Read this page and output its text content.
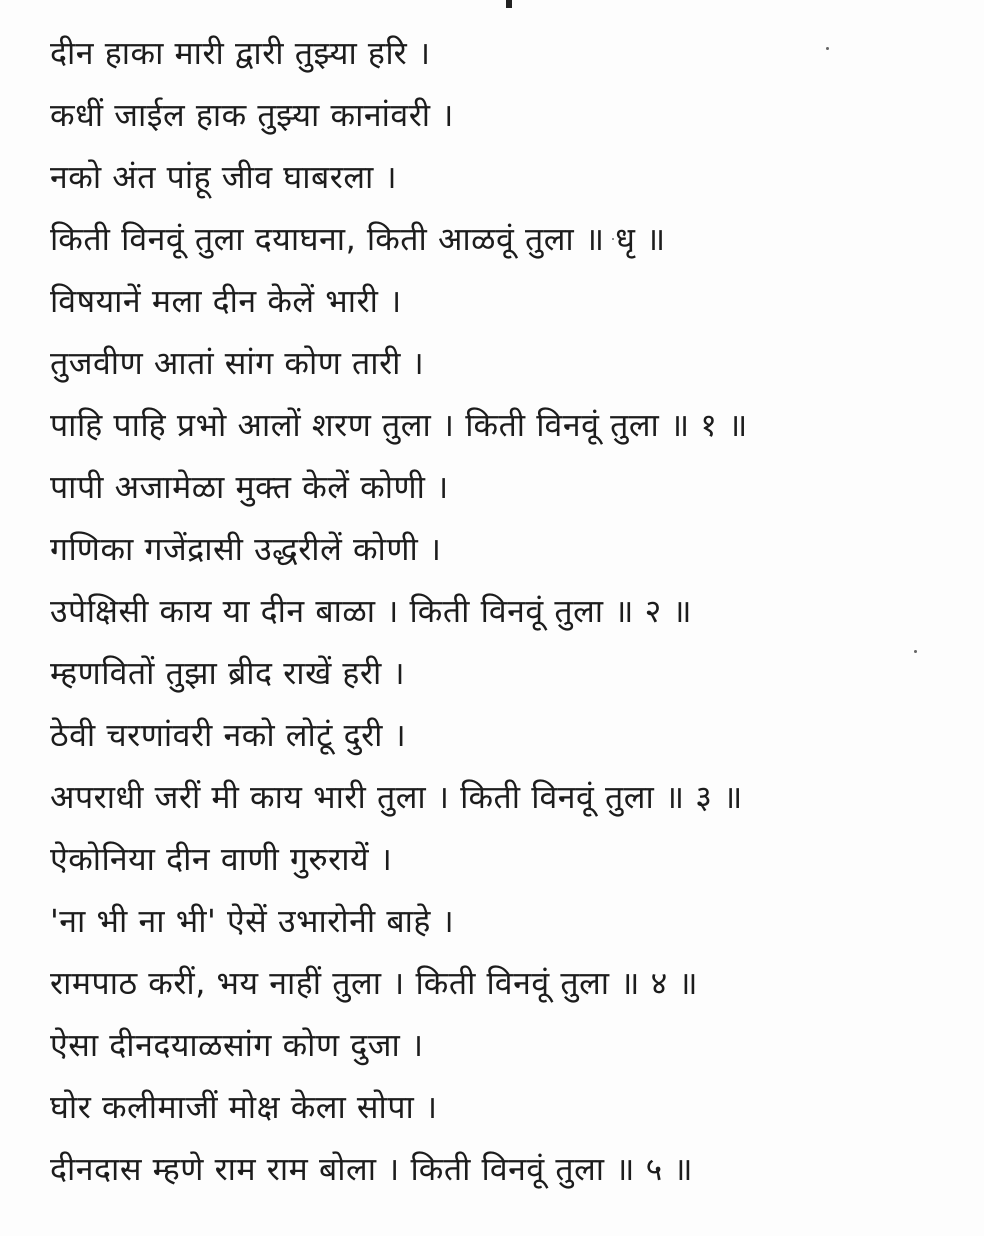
दीन हाका मारी द्वारी तुझ्या हरि ।
कधीं जाईल हाक तुझ्या कानांवरी ।
नको अंत पांहू जीव घाबरला ।
किती विनवूं तुला दयाघना, किती आळवूं तुला ॥ धृ ॥
विषयानें मला दीन केलें भारी ।
तुजवीण आतां सांग कोण तारी ।
पाहि पाहि प्रभो आलों शरण तुला । किती विनवूं तुला ॥ १ ॥
पापी अजामेळा मुक्त केलें कोणी ।
गणिका गजेंद्रासी उद्धरीलें कोणी ।
उपेक्षिसी काय या दीन बाळा । किती विनवूं तुला ॥ २ ॥
म्हणवितों तुझा ब्रीद राखें हरी ।
ठेवी चरणांवरी नको लोटूं दुरी ।
अपराधी जरीं मी काय भारी तुला । किती विनवूं तुला ॥ ३ ॥
ऐकोनिया दीन वाणी गुरुरायें ।
'ना भी ना भी' ऐसें उभारोनी बाहे ।
रामपाठ करीं, भय नाहीं तुला । किती विनवूं तुला ॥ ४ ॥
ऐसा दीनदयाळसांग कोण दुजा ।
घोर कलीमाजीं मोक्ष केला सोपा ।
दीनदास म्हणे राम राम बोला । किती विनवूं तुला ॥ ५ ॥
